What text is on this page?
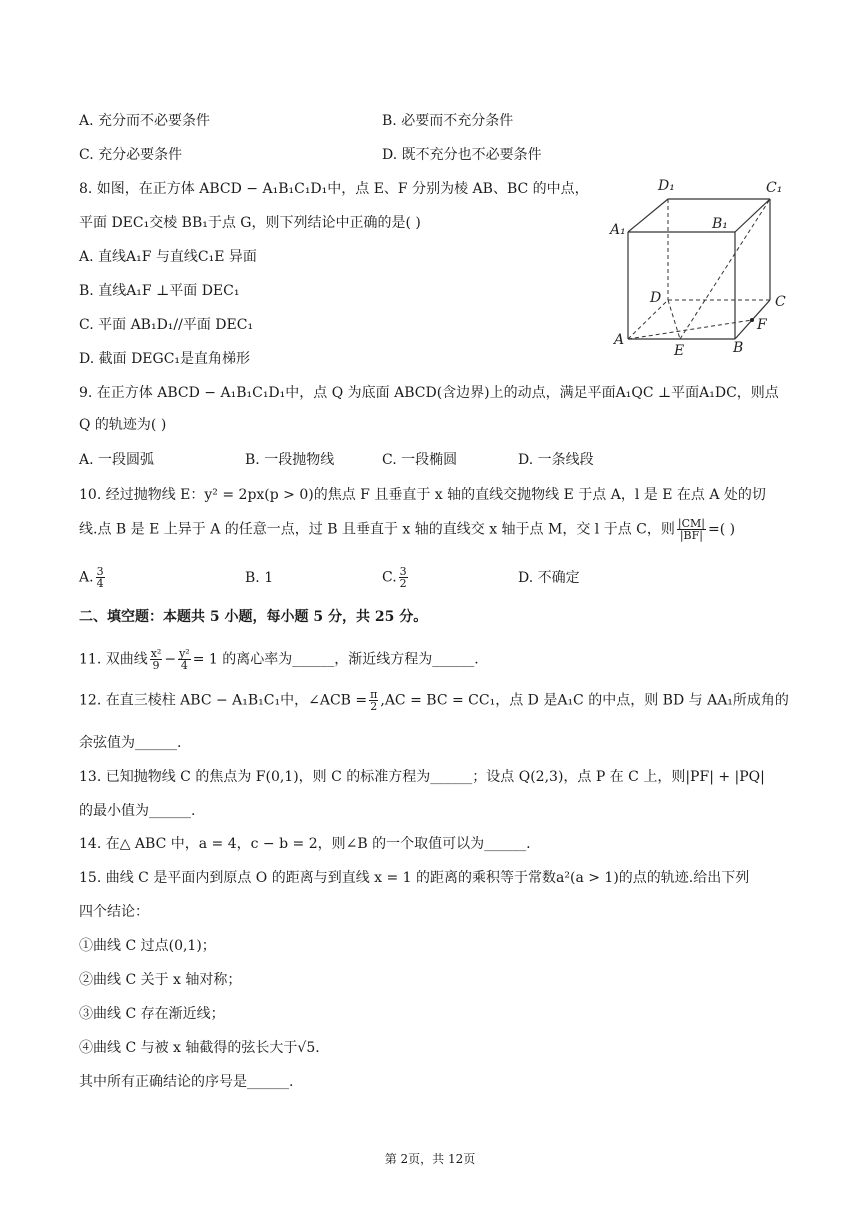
A. 充分而不必要条件	B. 必要而不充分条件
C. 充分必要条件	D. 既不充分也不必要条件
8. 如图，在正方体 ABCD − A₁B₁C₁D₁中，点 E、F 分别为棱 AB、BC 的中点，
平面 DEC₁交棱 BB₁于点 G，则下列结论中正确的是( )
A. 直线A₁F 与直线C₁E 异面
B. 直线A₁F ⊥平面 DEC₁
C. 平面 AB₁D₁//平面 DEC₁
D. 截面 DEGC₁是直角梯形
D₁	C₁
A₁	B₁
D	C
F
A
E	B
9. 在正方体 ABCD − A₁B₁C₁D₁中，点 Q 为底面 ABCD(含边界)上的动点，满足平面A₁QC ⊥平面A₁DC，则点
Q 的轨迹为( )
A. 一段圆弧	B. 一段抛物线	C. 一段椭圆	D. 一条线段
10. 经过抛物线 E：y² = 2px(p > 0)的焦点 F 且垂直于 x 轴的直线交抛物线 E 于点 A，l 是 E 在点 A 处的切
线.点 B 是 E 上异于 A 的任意一点，过 B 且垂直于 x 轴的直线交 x 轴于点 M，交 l 于点 C，则 $\frac{|CM|}{|BF|}$ =( )
A. $\frac{3}{4}$	B. 1	C. $\frac{3}{2}$	D. 不确定
二、填空题：本题共 5 小题，每小题 5 分，共 25 分。
11. 双曲线 $\frac{\text{x²}}{9} - \frac{\text{y²}}{4} = 1$ 的离心率为______，渐近线方程为______.
12. 在直三棱柱 ABC − A₁B₁C₁中，∠ACB = $\frac{\pi}{2} ,AC$ = BC = CC₁，点 D 是A₁C 的中点，则 BD 与 AA₁所成角的
余弦值为______.
13. 已知抛物线 C 的焦点为 F(0,1)，则 C 的标准方程为______；设点 Q(2,3)，点 P 在 C 上，则|PF| + |PQ|
的最小值为______.
14. 在△ ABC 中，a = 4，c − b = 2，则∠B 的一个取值可以为______.
15. 曲线 C 是平面内到原点 O 的距离与到直线 x = 1 的距离的乘积等于常数a²(a > 1)的点的轨迹.给出下列
四个结论：
①曲线 C 过点(0,1)；
②曲线 C 关于 x 轴对称；
③曲线 C 存在渐近线；
④曲线 C 与被 x 轴截得的弦长大于√5.
其中所有正确结论的序号是______.
第 2页，共 12页
